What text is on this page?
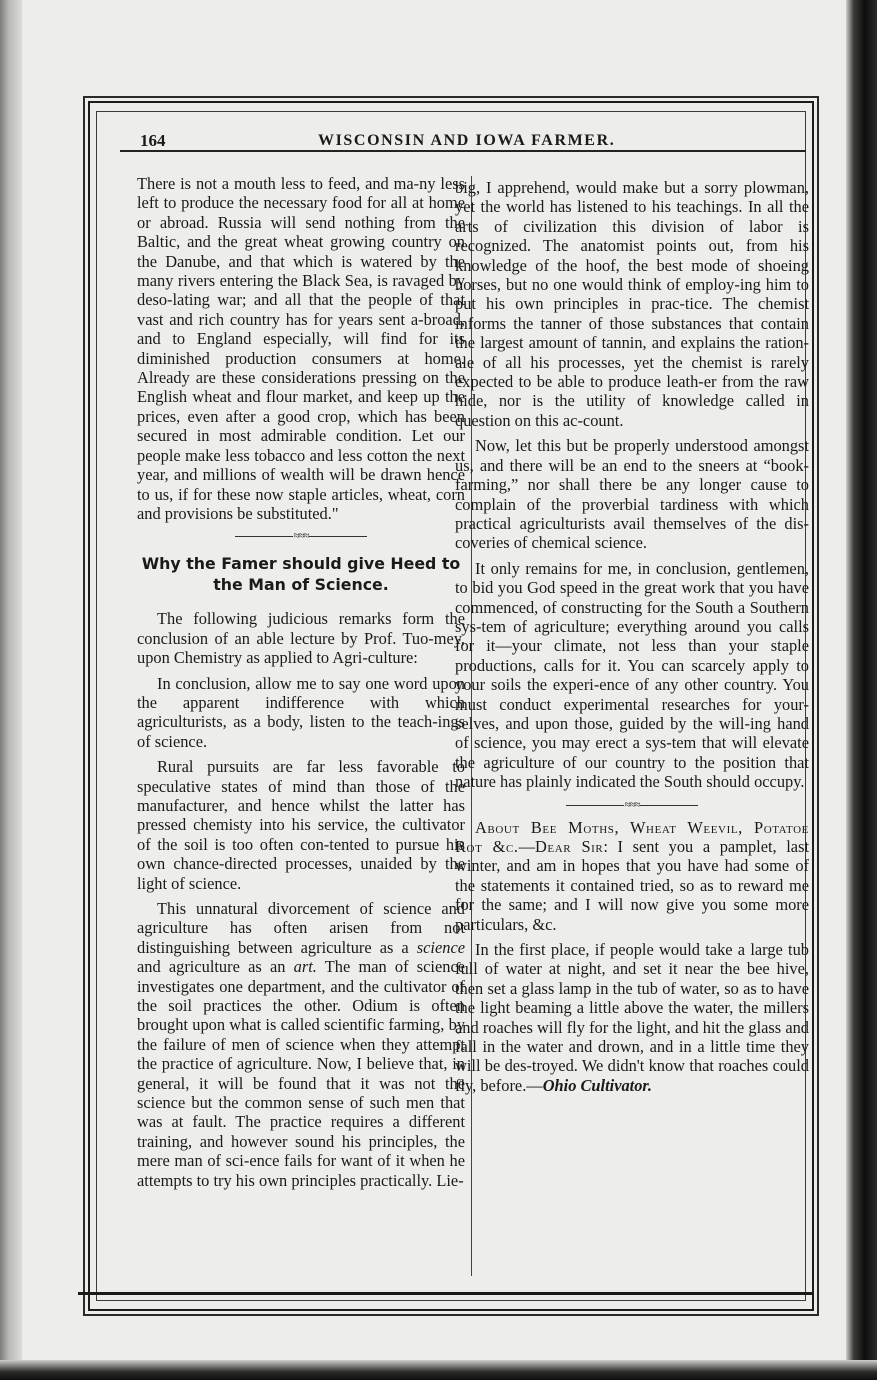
164	WISCONSIN AND IOWA FARMER.

There is not a mouth less to feed, and ma-ny less left to produce the necessary food for all at home or abroad. Russia will send nothing from the Baltic, and the great wheat growing country on the Danube, and that which is watered by the many rivers entering the Black Sea, is ravaged by deso-lating war; and all that the people of that vast and rich country has for years sent a-broad, and to England especially, will find for its diminished production consumers at home. Already are these considerations pressing on the English wheat and flour market, and keep up the prices, even after a good crop, which has been secured in most admirable condition. Let our people make less tobacco and less cotton the next year, and millions of wealth will be drawn hence to us, if for these now staple articles, wheat, corn and provisions be substituted."

≈≈≈
Why the Famer should give Heed to the Man of Science.

The following judicious remarks form the conclusion of an able lecture by Prof. Tuo-mey, upon Chemistry as applied to Agri-culture:

In conclusion, allow me to say one word upon the apparent indifference with which agriculturists, as a body, listen to the teach-ings of science.

Rural pursuits are far less favorable to speculative states of mind than those of the manufacturer, and hence whilst the latter has pressed chemisty into his service, the cultivator of the soil is too often con-tented to pursue his own chance-directed processes, unaided by the light of science.

This unnatural divorcement of science and agriculture has often arisen from not distinguishing between agriculture as a science and agriculture as an art. The man of science investigates one department, and the cultivator of the soil practices the other. Odium is often brought upon what is called scientific farming, by the failure of men of science when they attempt the practice of agriculture. Now, I believe that, in general, it will be found that it was not the science but the common sense of such men that was at fault. The practice requires a different training, and however sound his principles, the mere man of sci-ence fails for want of it when he attempts to try his own principles practically. Lie-

big, I apprehend, would make but a sorry plowman, yet the world has listened to his teachings. In all the arts of civilization this division of labor is recognized. The anatomist points out, from his knowledge of the hoof, the best mode of shoeing horses, but no one would think of employ-ing him to put his own principles in prac-tice. The chemist informs the tanner of those substances that contain the largest amount of tannin, and explains the ration-ale of all his processes, yet the chemist is rarely expected to be able to produce leath-er from the raw hide, nor is the utility of knowledge called in question on this ac-count.

Now, let this but be properly understood amongst us, and there will be an end to the sneers at “book-farming,” nor shall there be any longer cause to complain of the proverbial tardiness with which practical agriculturists avail themselves of the dis-coveries of chemical science.

It only remains for me, in conclusion, gentlemen, to bid you God speed in the great work that you have commenced, of constructing for the South a Southern sys-tem of agriculture; everything around you calls for it—your climate, not less than your staple productions, calls for it. You can scarcely apply to your soils the experi-ence of any other country. You must conduct experimental researches for your-selves, and upon those, guided by the will-ing hand of science, you may erect a sys-tem that will elevate the agriculture of our country to the position that nature has plainly indicated the South should occupy.

≈≈≈

About Bee Moths, Wheat Weevil, Potatoe Rot &c.—Dear Sir: I sent you a pamplet, last winter, and am in hopes that you have had some of the statements it contained tried, so as to reward me for the same; and I will now give you some more particulars, &c.

In the first place, if people would take a large tub full of water at night, and set it near the bee hive, then set a glass lamp in the tub of water, so as to have the light beaming a little above the water, the millers and roaches will fly for the light, and hit the glass and fall in the water and drown, and in a little time they will be des-troyed. We didn't know that roaches could fly, before.—Ohio Cultivator.
